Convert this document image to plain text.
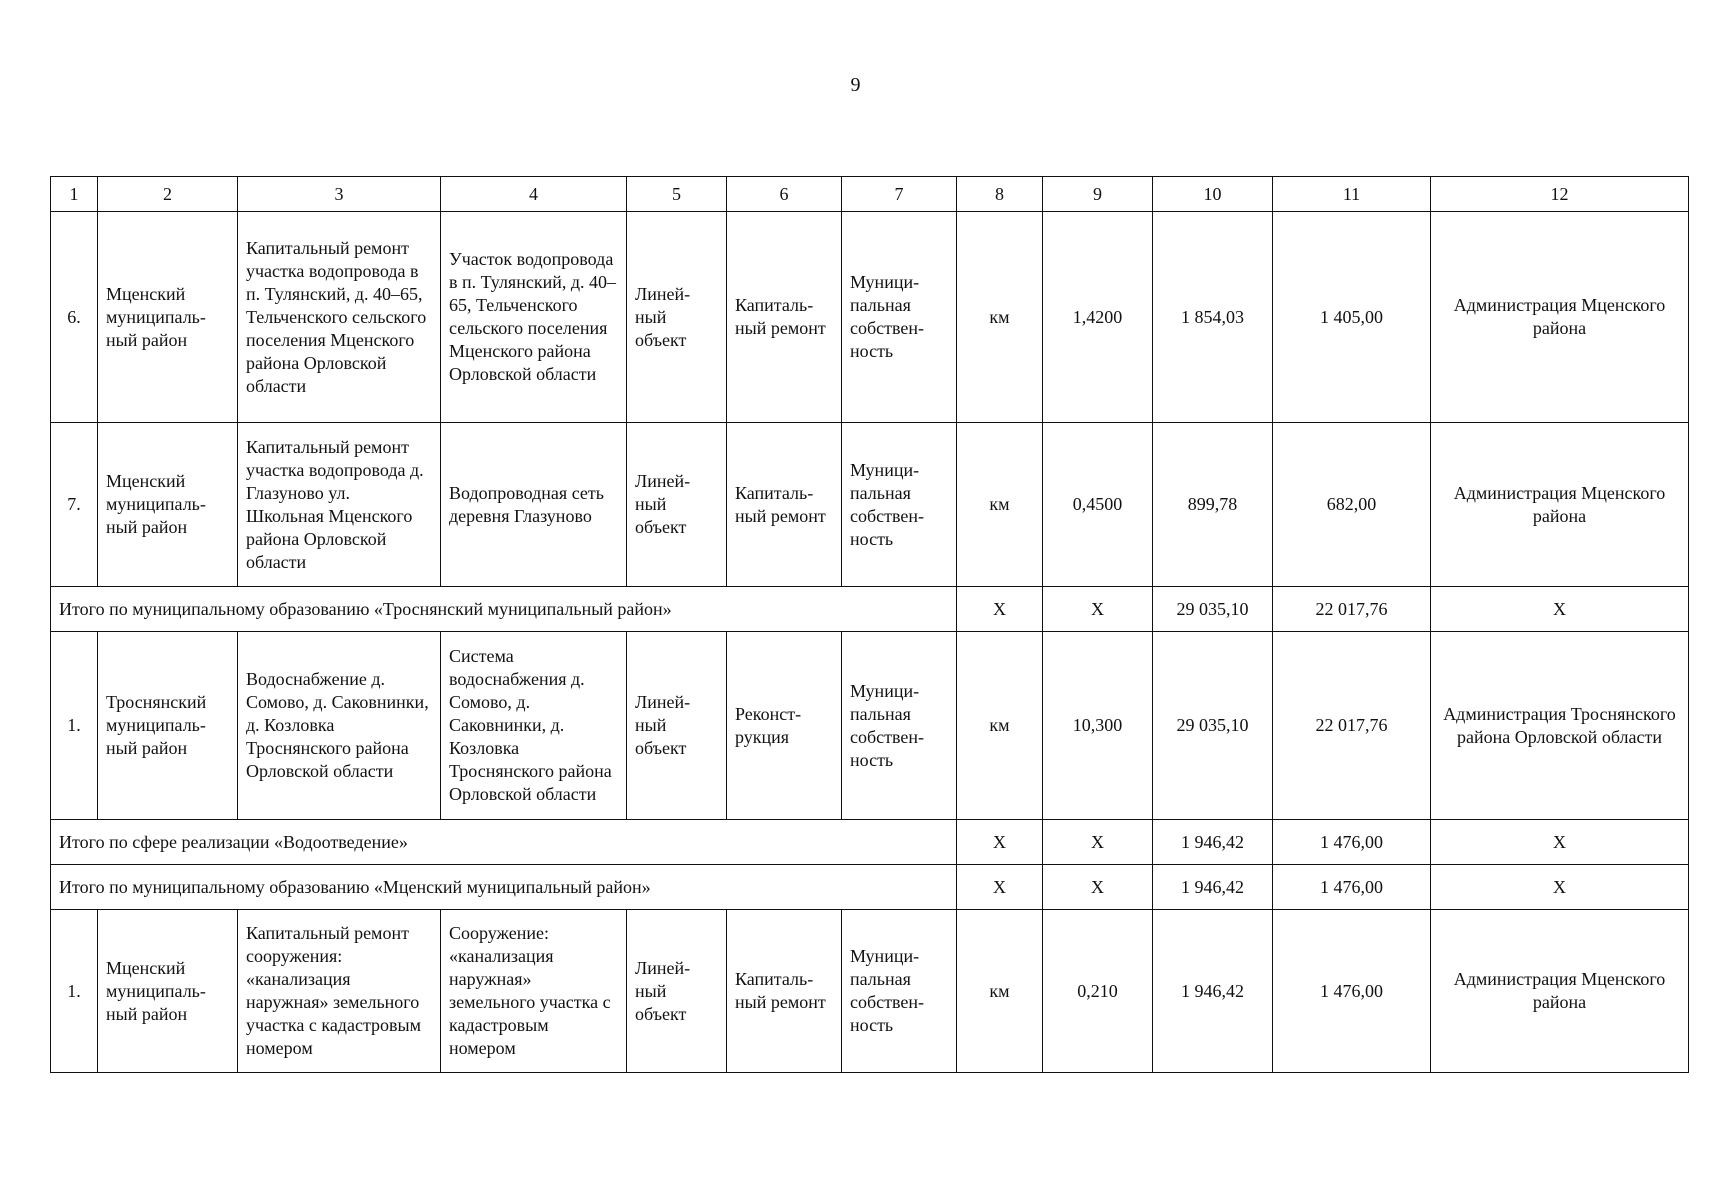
9
1	2	3	4	5	6	7	8	9	10	11	12
6.	Мценский муниципаль-ный район	Капитальный ремонт участка водопровода в п. Тулянский, д. 40–65, Тельченского сельского поселения Мценского района Орловской области	Участок водопровода в п. Тулянский, д. 40–65, Тельченского сельского поселения Мценского района Орловской области	Линей-ный объект	Капиталь-ный ремонт	Муници-пальная собствен-ность	км	1,4200	1 854,03	1 405,00	Администрация Мценского района
7.	Мценский муниципаль-ный район	Капитальный ремонт участка водопровода д. Глазуново ул. Школьная Мценского района Орловской области	Водопроводная сеть деревня Глазуново	Линей-ный объект	Капиталь-ный ремонт	Муници-пальная собствен-ность	км	0,4500	899,78	682,00	Администрация Мценского района
Итого по муниципальному образованию «Троснянский муниципальный район»							X	X	29 035,10	22 017,76	X
1.	Троснянский муниципаль-ный район	Водоснабжение д. Сомово, д. Саковнинки, д. Козловка Троснянского района Орловской области	Система водоснабжения д. Сомово, д. Саковнинки, д. Козловка Троснянского района Орловской области	Линей-ный объект	Реконст-рукция	Муници-пальная собствен-ность	км	10,300	29 035,10	22 017,76	Администрация Троснянского района Орловской области
Итого по сфере реализации «Водоотведение»							X	X	1 946,42	1 476,00	X
Итого по муниципальному образованию «Мценский муниципальный район»							X	X	1 946,42	1 476,00	X
1.	Мценский муниципаль-ный район	Капитальный ремонт сооружения: «канализация наружная» земельного участка с кадастровым номером	Сооружение: «канализация наружная» земельного участка с кадастровым номером	Линей-ный объект	Капиталь-ный ремонт	Муници-пальная собствен-ность	км	0,210	1 946,42	1 476,00	Администрация Мценского района
